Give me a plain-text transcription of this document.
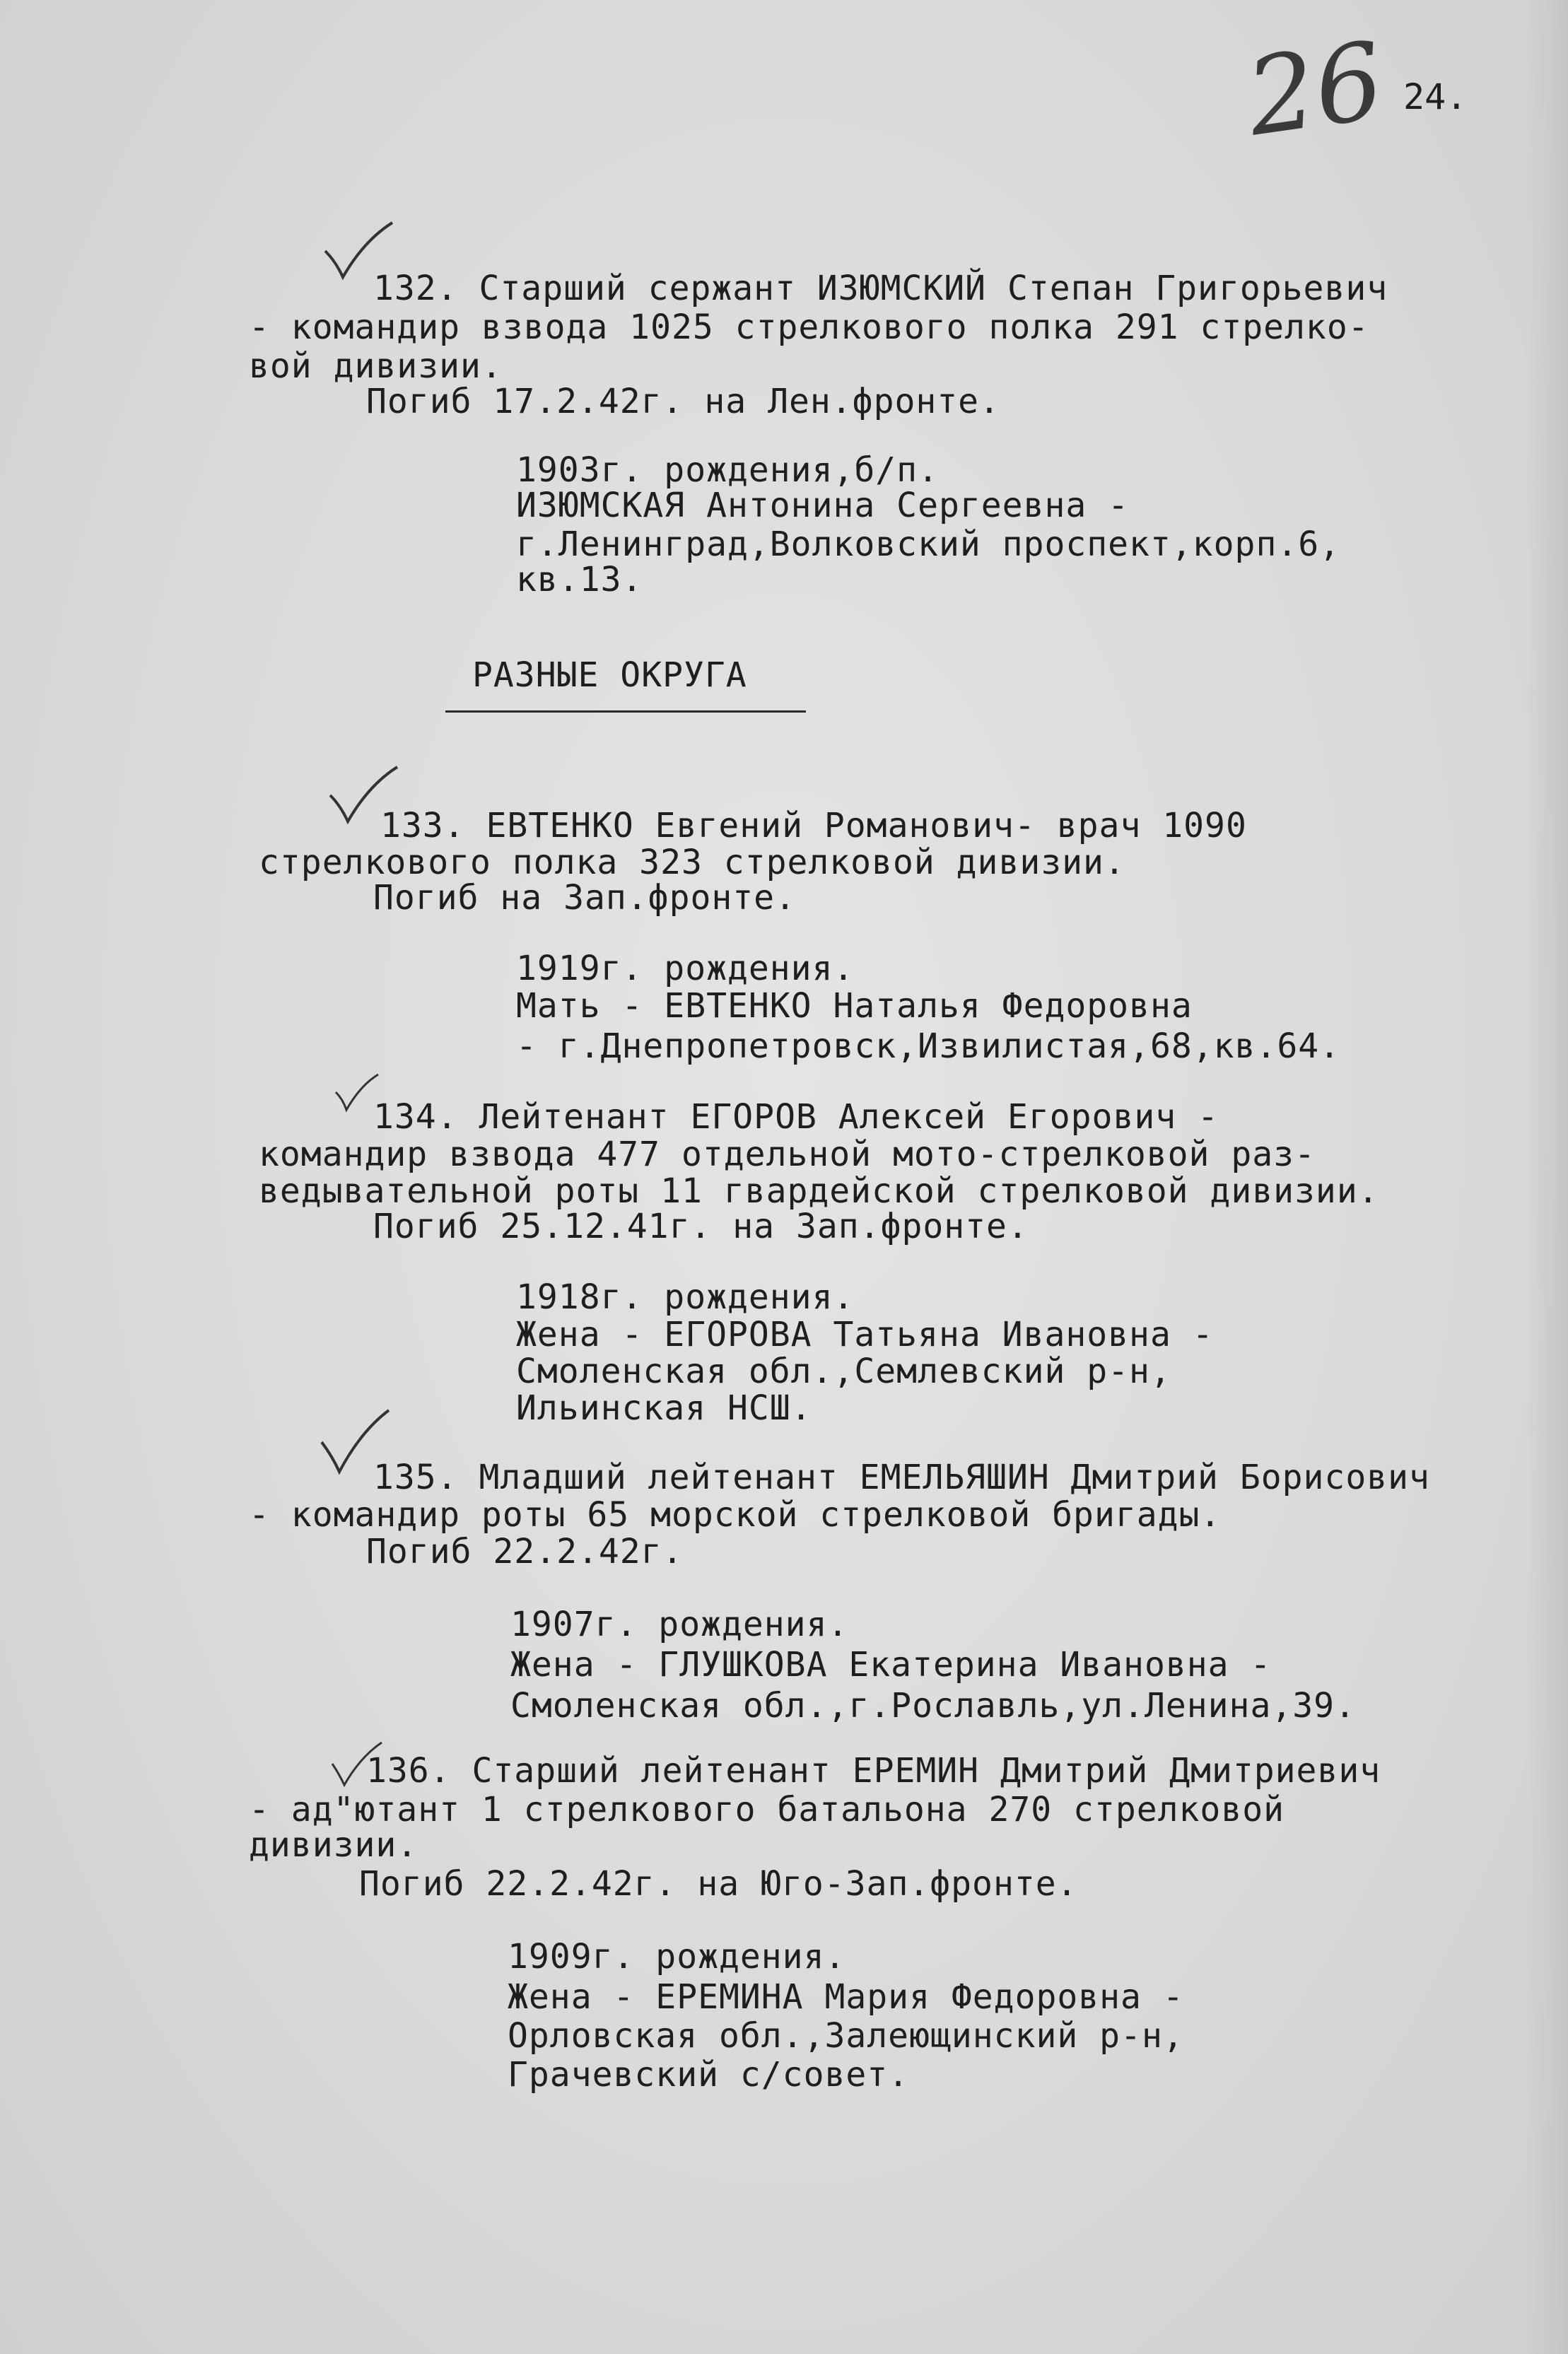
26 24.
132. Старший сержант ИЗЮМСКИЙ Степан Григорьевич
- командир взвода 1025 стрелкового полка 291 стрелко-
вой дивизии.
Погиб 17.2.42г. на Лен.фронте.
1903г. рождения,б/п.
ИЗЮМСКАЯ Антонина Сергеевна -
г.Ленинград,Волковский проспект,корп.6,
кв.13.
РАЗНЫЕ ОКРУГА
133. ЕВТЕНКО Евгений Романович- врач 1090
стрелкового полка 323 стрелковой дивизии.
Погиб на Зап.фронте.
1919г. рождения.
Мать - ЕВТЕНКО Наталья Федоровна
- г.Днепропетровск,Извилистая,68,кв.64.
134. Лейтенант ЕГОРОВ Алексей Егорович -
командир взвода 477 отдельной мото-стрелковой раз-
ведывательной роты 11 гвардейской стрелковой дивизии.
Погиб 25.12.41г. на Зап.фронте.
1918г. рождения.
Жена - ЕГОРОВА Татьяна Ивановна -
Смоленская обл.,Семлевский р-н,
Ильинская НСШ.
135. Младший лейтенант ЕМЕЛЬЯШИН Дмитрий Борисович
- командир роты 65 морской стрелковой бригады.
Погиб 22.2.42г.
1907г. рождения.
Жена - ГЛУШКОВА Екатерина Ивановна -
Смоленская обл.,г.Рославль,ул.Ленина,39.
136. Старший лейтенант ЕРЕМИН Дмитрий Дмитриевич
- ад"ютант 1 стрелкового батальона 270 стрелковой
дивизии.
Погиб 22.2.42г. на Юго-Зап.фронте.
1909г. рождения.
Жена - ЕРЕМИНА Мария Федоровна -
Орловская обл.,Залеющинский р-н,
Грачевский с/совет.
